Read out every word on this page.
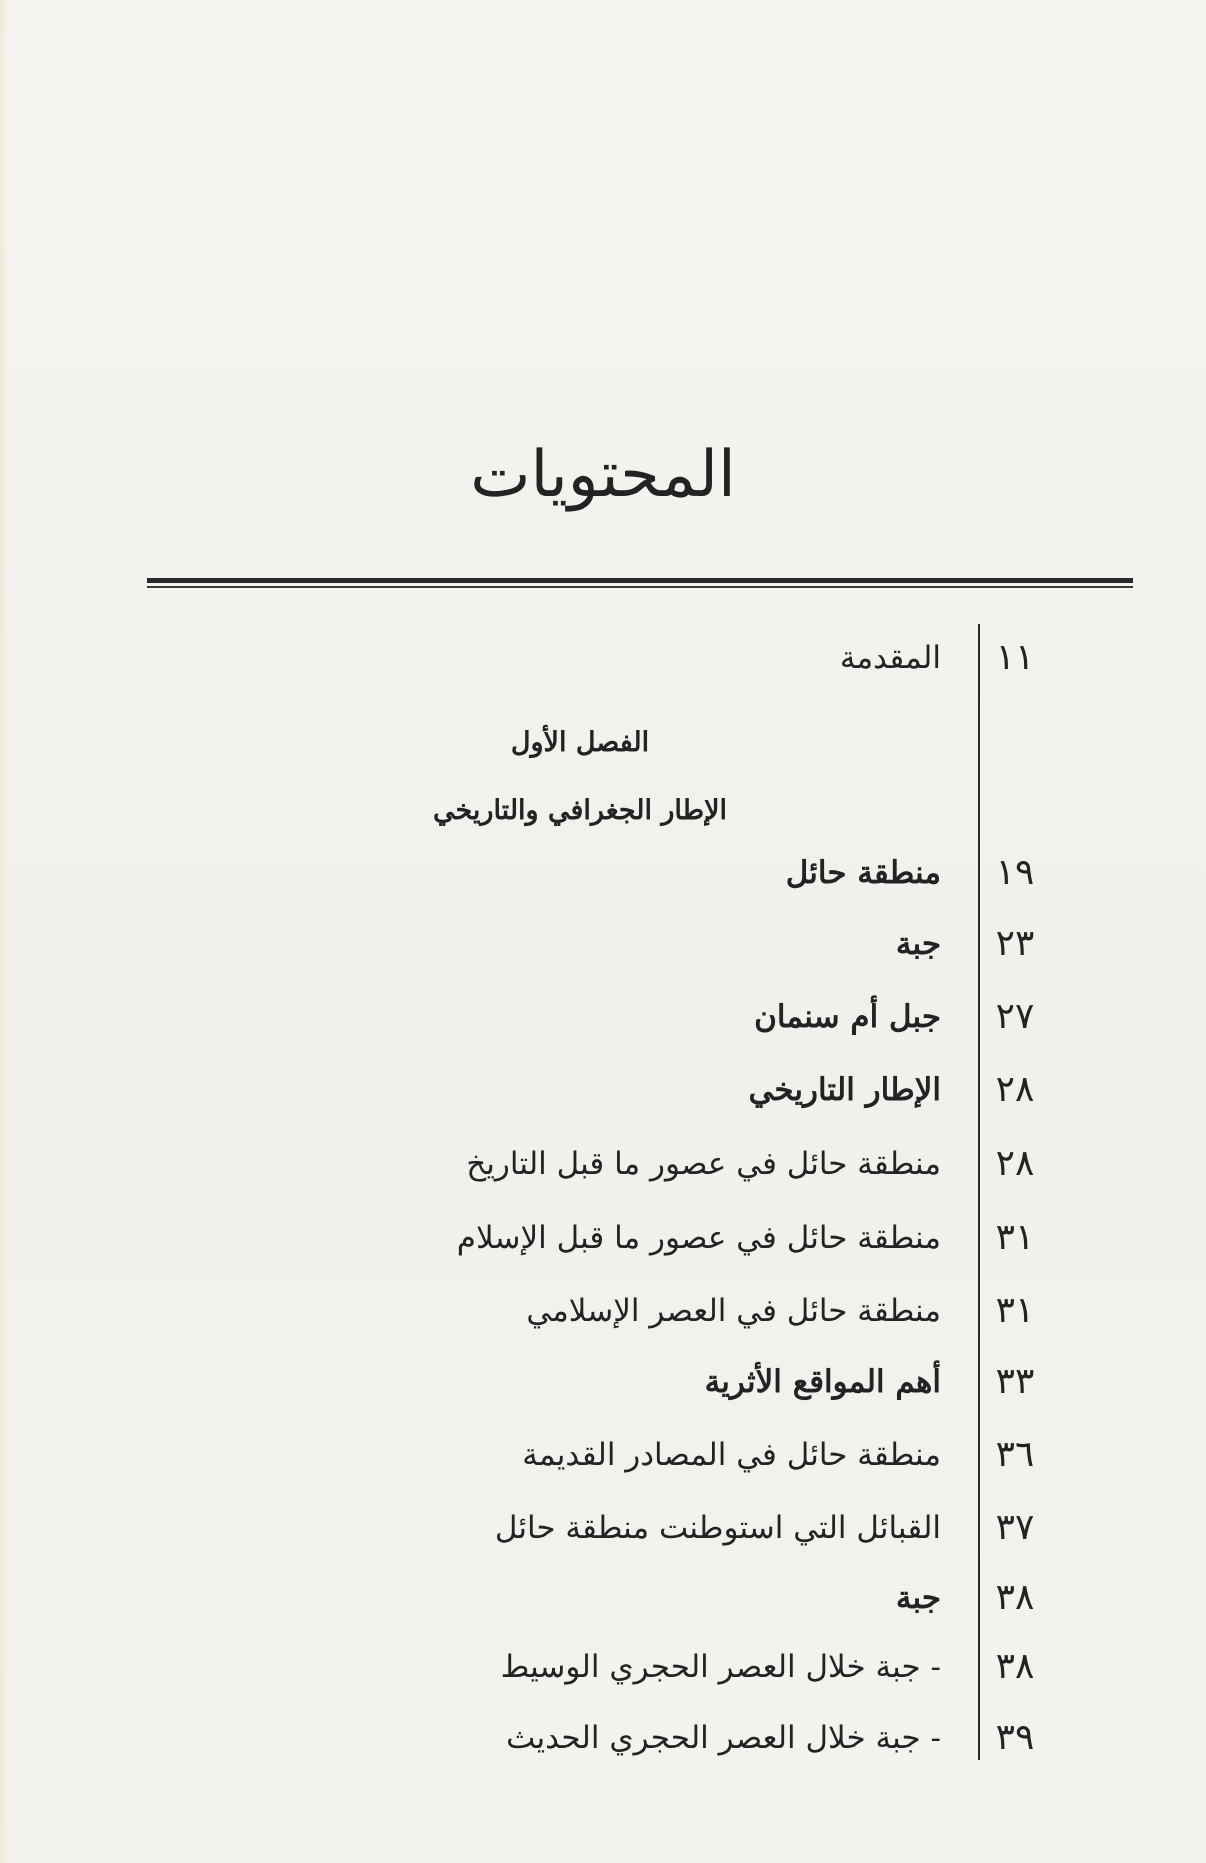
المحتويات
١١
المقدمة
الفصل الأول
الإطار الجغرافي والتاريخي
١٩
منطقة حائل
٢٣
جبة
٢٧
جبل أم سنمان
٢٨
الإطار التاريخي
٢٨
منطقة حائل في عصور ما قبل التاريخ
٣١
منطقة حائل في عصور ما قبل الإسلام
٣١
منطقة حائل في العصر الإسلامي
٣٣
أهم المواقع الأثرية
٣٦
منطقة حائل في المصادر القديمة
٣٧
القبائل التي استوطنت منطقة حائل
٣٨
جبة
٣٨
- جبة خلال العصر الحجري الوسيط
٣٩
- جبة خلال العصر الحجري الحديث
